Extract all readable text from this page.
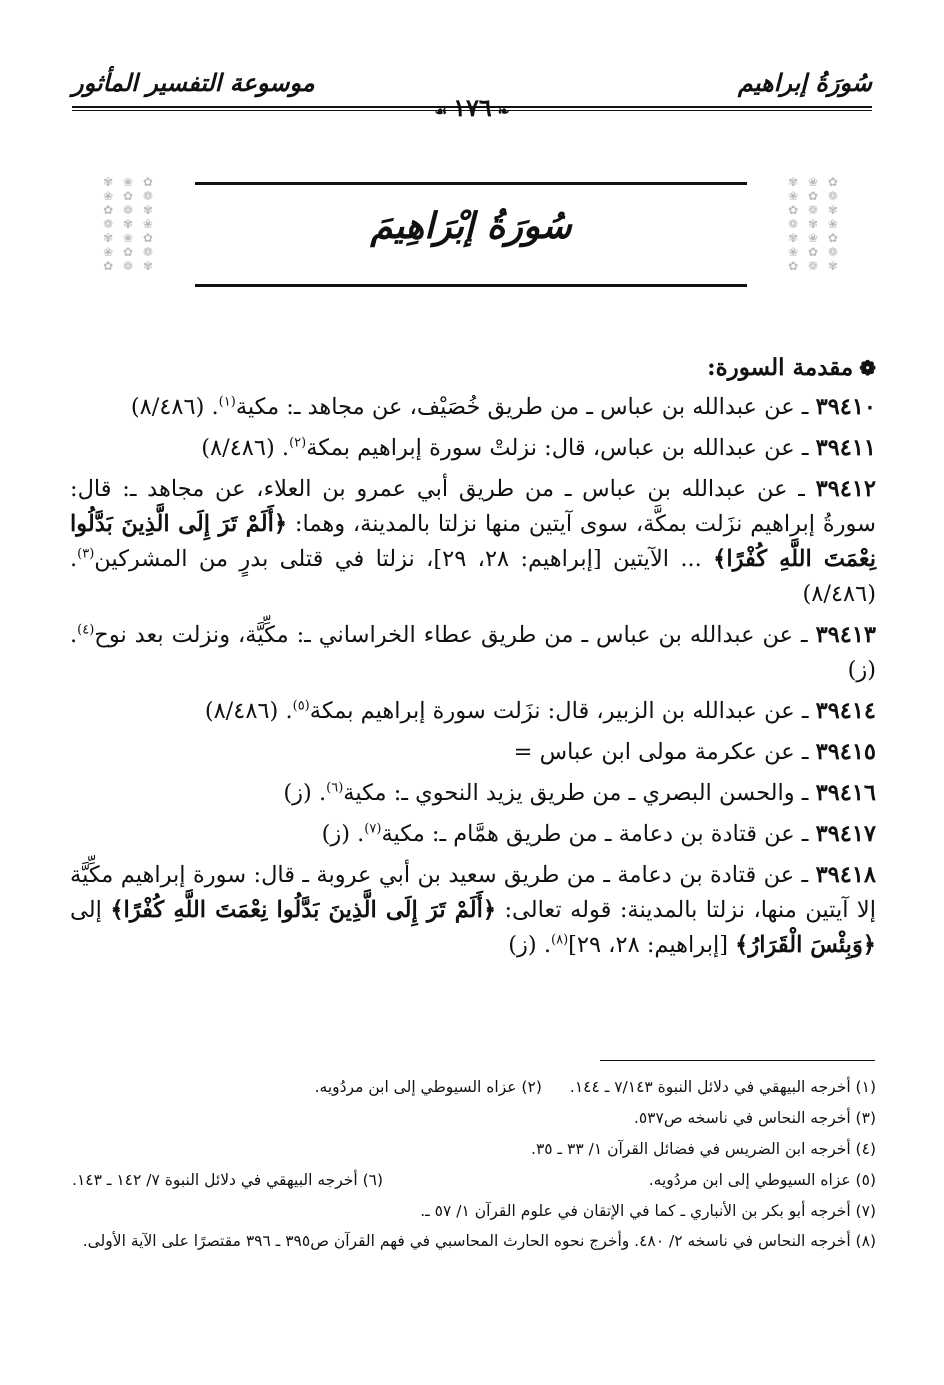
سُورَةُ إبراهيم
موسوعة التفسير المأثور
❧١٧٦☙
✿ ❀ ✾
❁ ✿ ❀
✾ ❁ ✿
❀ ✾ ❁
✿ ❀ ✾
❁ ✿ ❀
✾ ❁ ✿
✿ ❀ ✾
❁ ✿ ❀
✾ ❁ ✿
❀ ✾ ❁
✿ ❀ ✾
❁ ✿ ❀
✾ ❁ ✿
سُورَةُ إبْرَاهِيمَ
❁مقدمة السورة:

٣٩٤١٠ ـ عن عبدالله بن عباس ـ من طريق خُصَيْف، عن مجاهد ـ: مكية$^{(١)}$. (٨/٤٨٦)

٣٩٤١١ ـ عن عبدالله بن عباس، قال: نزلتْ سورة إبراهيم بمكة$^{(٢)}$. (٨/٤٨٦)

٣٩٤١٢ ـ عن عبدالله بن عباس ـ من طريق أبي عمرو بن العلاء، عن مجاهد ـ: قال: سورةُ إبراهيم نزَلت بمكَّة، سوى آيتين منها نزلتا بالمدينة، وهما: ﴿أَلَمْ تَرَ إِلَى الَّذِينَ بَدَّلُوا نِعْمَتَ اللَّهِ كُفْرًا﴾ ... الآيتين [إبراهيم: ٢٨، ٢٩]، نزلتا في قتلى بدرٍ من المشركين$^{(٣)}$. (٨/٤٨٦)

٣٩٤١٣ ـ عن عبدالله بن عباس ـ من طريق عطاء الخراساني ـ: مكِّيَّة، ونزلت بعد نوح$^{(٤)}$. (ز)

٣٩٤١٤ ـ عن عبدالله بن الزبير، قال: نزَلت سورة إبراهيم بمكة$^{(٥)}$. (٨/٤٨٦)

٣٩٤١٥ ـ عن عكرمة مولى ابن عباس =

٣٩٤١٦ ـ والحسن البصري ـ من طريق يزيد النحوي ـ: مكية$^{(٦)}$. (ز)

٣٩٤١٧ ـ عن قتادة بن دعامة ـ من طريق همَّام ـ: مكية$^{(٧)}$. (ز)

٣٩٤١٨ ـ عن قتادة بن دعامة ـ من طريق سعيد بن أبي عروبة ـ قال: سورة إبراهيم مكِّيَّة إلا آيتين منها، نزلتا بالمدينة: قوله تعالى: ﴿أَلَمْ تَرَ إِلَى الَّذِينَ بَدَّلُوا نِعْمَتَ اللَّهِ كُفْرًا﴾ إلى ﴿وَبِئْسَ الْقَرَارُ﴾ [إبراهيم: ٢٨، ٢٩]$^{(٨)}$. (ز)

(١) أخرجه البيهقي في دلائل النبوة ٧/١٤٣ ـ ١٤٤.(٢) عزاه السيوطي إلى ابن مردُويه.

(٣) أخرجه النحاس في ناسخه ص٥٣٧.

(٤) أخرجه ابن الضريس في فضائل القرآن ١/ ٣٣ ـ ٣٥.

(٥) عزاه السيوطي إلى ابن مردُويه.
(٦) أخرجه البيهقي في دلائل النبوة ٧/ ١٤٢ ـ ١٤٣.

(٧) أخرجه أبو بكر بن الأنباري ـ كما في الإتقان في علوم القرآن ١/ ٥٧ ـ.

(٨) أخرجه النحاس في ناسخه ٢/ ٤٨٠. وأخرج نحوه الحارث المحاسبي في فهم القرآن ص٣٩٥ ـ ٣٩٦ مقتصرًا على الآية الأولى.
